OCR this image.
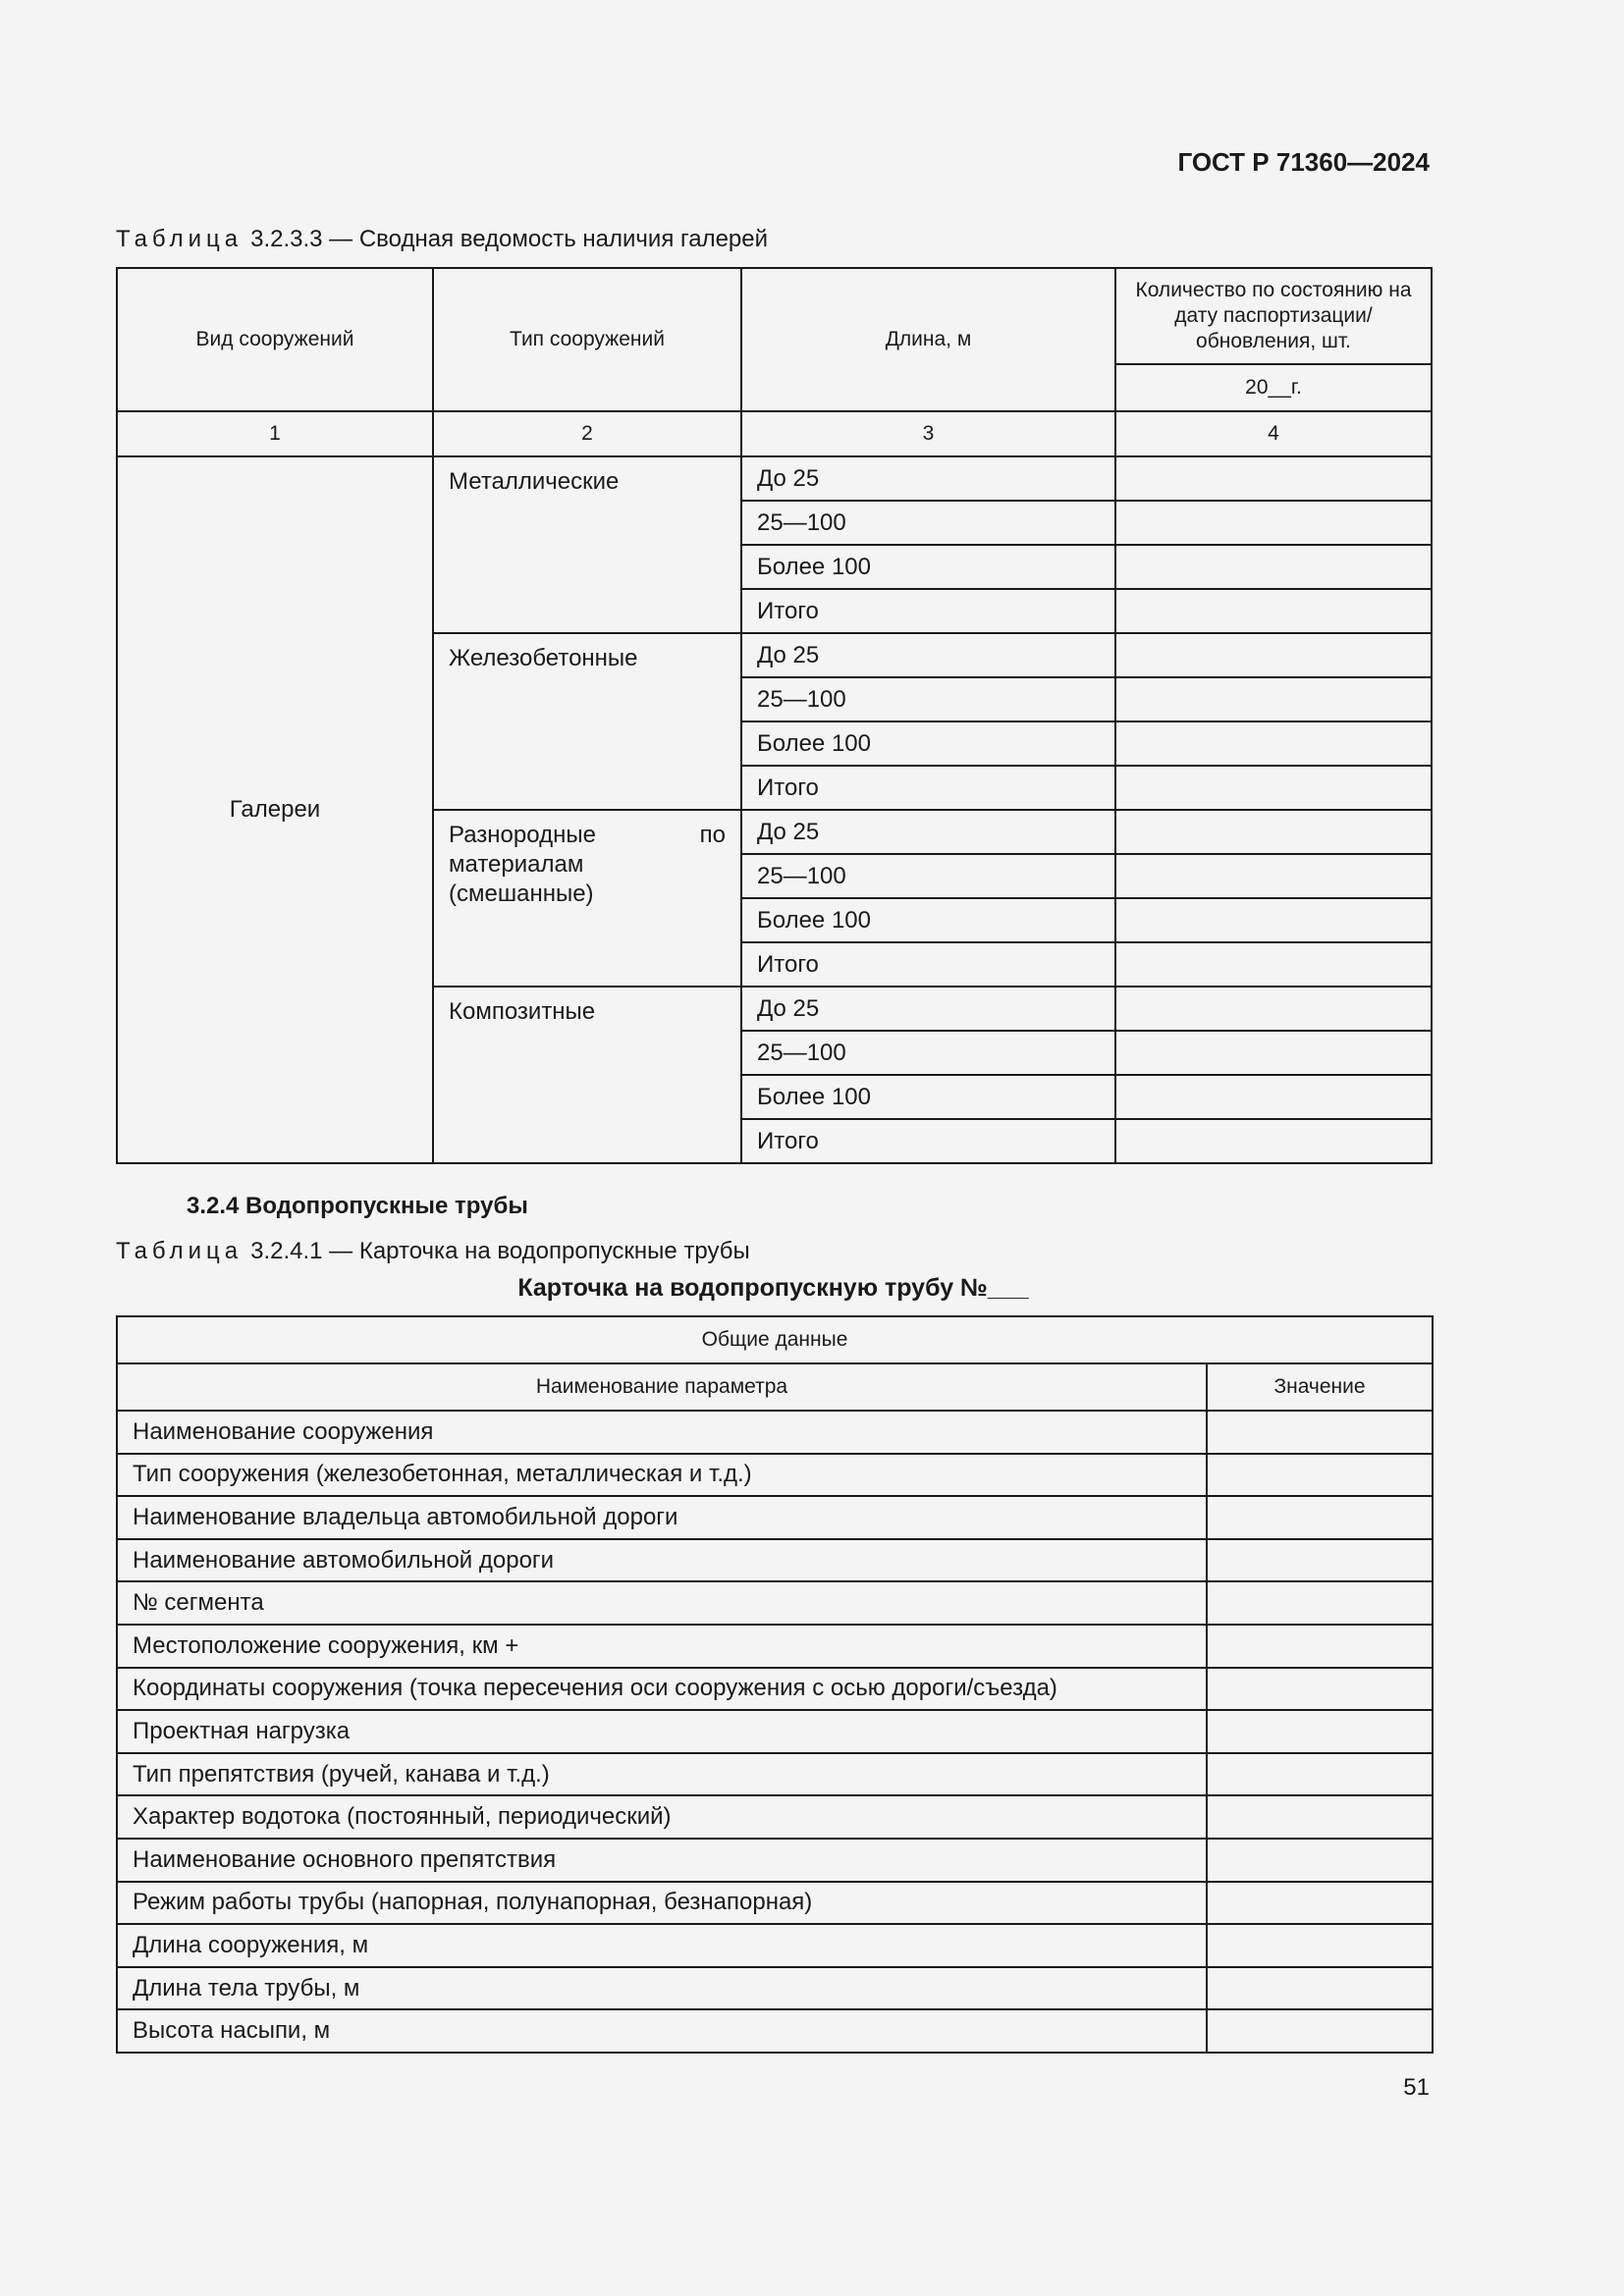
ГОСТ Р 71360—2024
Таблица 3.2.3.3 — Сводная ведомость наличия галерей
Вид сооружений	Тип сооружений	Длина, м	Количество по состоянию на дату паспортизации/ обновления, шт.
			20__г.
1	2	3	4
Галереи	Металлические	До 25	
		25—100	
		Более 100	
		Итого	
	Железобетонные	До 25	
		25—100	
		Более 100	
		Итого	
	Разнородные по материалам (смешанные)	До 25	
		25—100	
		Более 100	
		Итого	
	Композитные	До 25	
		25—100	
		Более 100	
		Итого	
3.2.4 Водопропускные трубы
Таблица 3.2.4.1 — Карточка на водопропускные трубы
Карточка на водопропускную трубу №___
Общие данные	
Наименование параметра	Значение
Наименование сооружения	
Тип сооружения (железобетонная, металлическая и т.д.)	
Наименование владельца автомобильной дороги	
Наименование автомобильной дороги	
№ сегмента	
Местоположение сооружения, км +	
Координаты сооружения (точка пересечения оси сооружения с осью дороги/съезда)	
Проектная нагрузка	
Тип препятствия (ручей, канава и т.д.)	
Характер водотока (постоянный, периодический)	
Наименование основного препятствия	
Режим работы трубы (напорная, полунапорная, безнапорная)	
Длина сооружения, м	
Длина тела трубы, м	
Высота насыпи, м	
51
